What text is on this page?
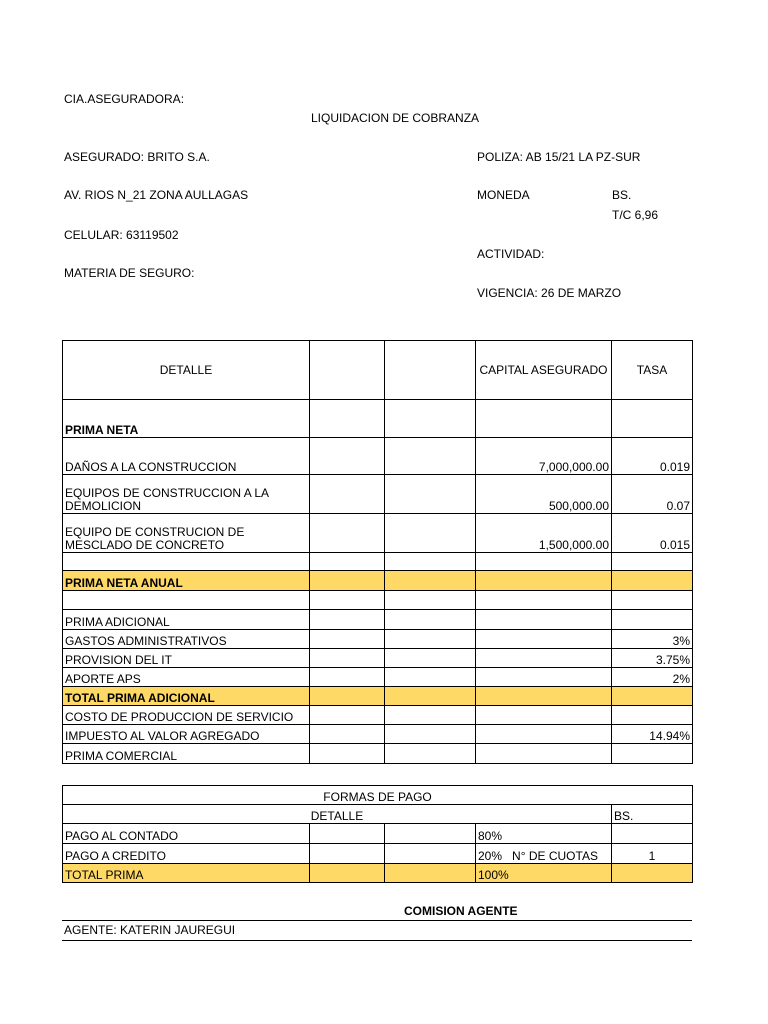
CIA.ASEGURADORA:
LIQUIDACION DE COBRANZA
ASEGURADO: BRITO S.A.	POLIZA: AB 15/21 LA PZ-SUR
AV. RIOS N_21 ZONA AULLAGAS	MONEDA	BS.
T/C 6,96
CELULAR: 63119502
ACTIVIDAD:
MATERIA DE SEGURO:
VIGENCIA: 26 DE MARZO
DETALLE			CAPITAL ASEGURADO	TASA
PRIMA NETA				
DAÑOS A LA CONSTRUCCION			7,000,000.00	0.019
EQUIPOS DE CONSTRUCCION A LA DEMOLICION			500,000.00	0.07
EQUIPO DE CONSTRUCION DE MESCLADO DE CONCRETO			1,500,000.00	0.015

PRIMA NETA ANUAL				

PRIMA ADICIONAL				
GASTOS ADMINISTRATIVOS				3%
PROVISION DEL IT				3.75%
APORTE APS				2%
TOTAL PRIMA ADICIONAL				
COSTO DE PRODUCCION DE SERVICIO				
IMPUESTO AL VALOR AGREGADO				14.94%
PRIMA COMERCIAL				
FORMAS DE PAGO				
DETALLE				BS.
PAGO AL CONTADO			80%	
PAGO A CREDITO			20% N° DE CUOTAS	1
TOTAL PRIMA			100%	
COMISION AGENTE
AGENTE: KATERIN JAUREGUI
